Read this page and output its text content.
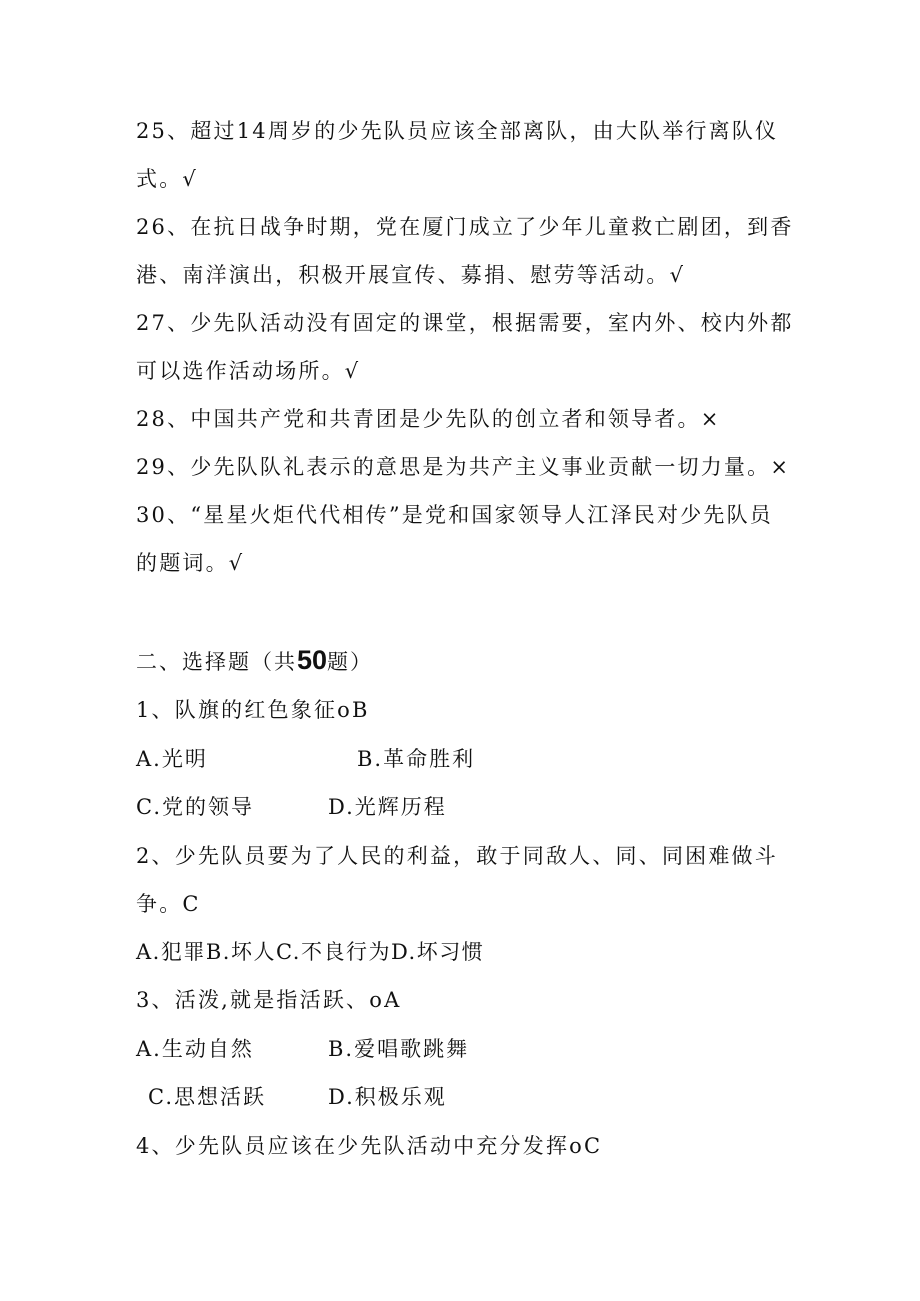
25、超过14周岁的少先队员应该全部离队，由大队举行离队仪
式。√
26、在抗日战争时期，党在厦门成立了少年儿童救亡剧团，到香
港、南洋演出，积极开展宣传、募捐、慰劳等活动。√
27、少先队活动没有固定的课堂，根据需要，室内外、校内外都
可以选作活动场所。√
28、中国共产党和共青团是少先队的创立者和领导者。×
29、少先队队礼表示的意思是为共产主义事业贡献一切力量。×
30、“星星火炬代代相传”是党和国家领导人江泽民对少先队员
的题词。√
二、选择题（共50题）
1、队旗的红色象征oB
A.光明	B.革命胜利
C.党的领导	D.光辉历程
2、少先队员要为了人民的利益，敢于同敌人、同、同困难做斗
争。C
A.犯罪B.坏人C.不良行为D.坏习惯
3、活泼,就是指活跃、oA
A.生动自然	B.爱唱歌跳舞
C.思想活跃	D.积极乐观
4、少先队员应该在少先队活动中充分发挥oC
